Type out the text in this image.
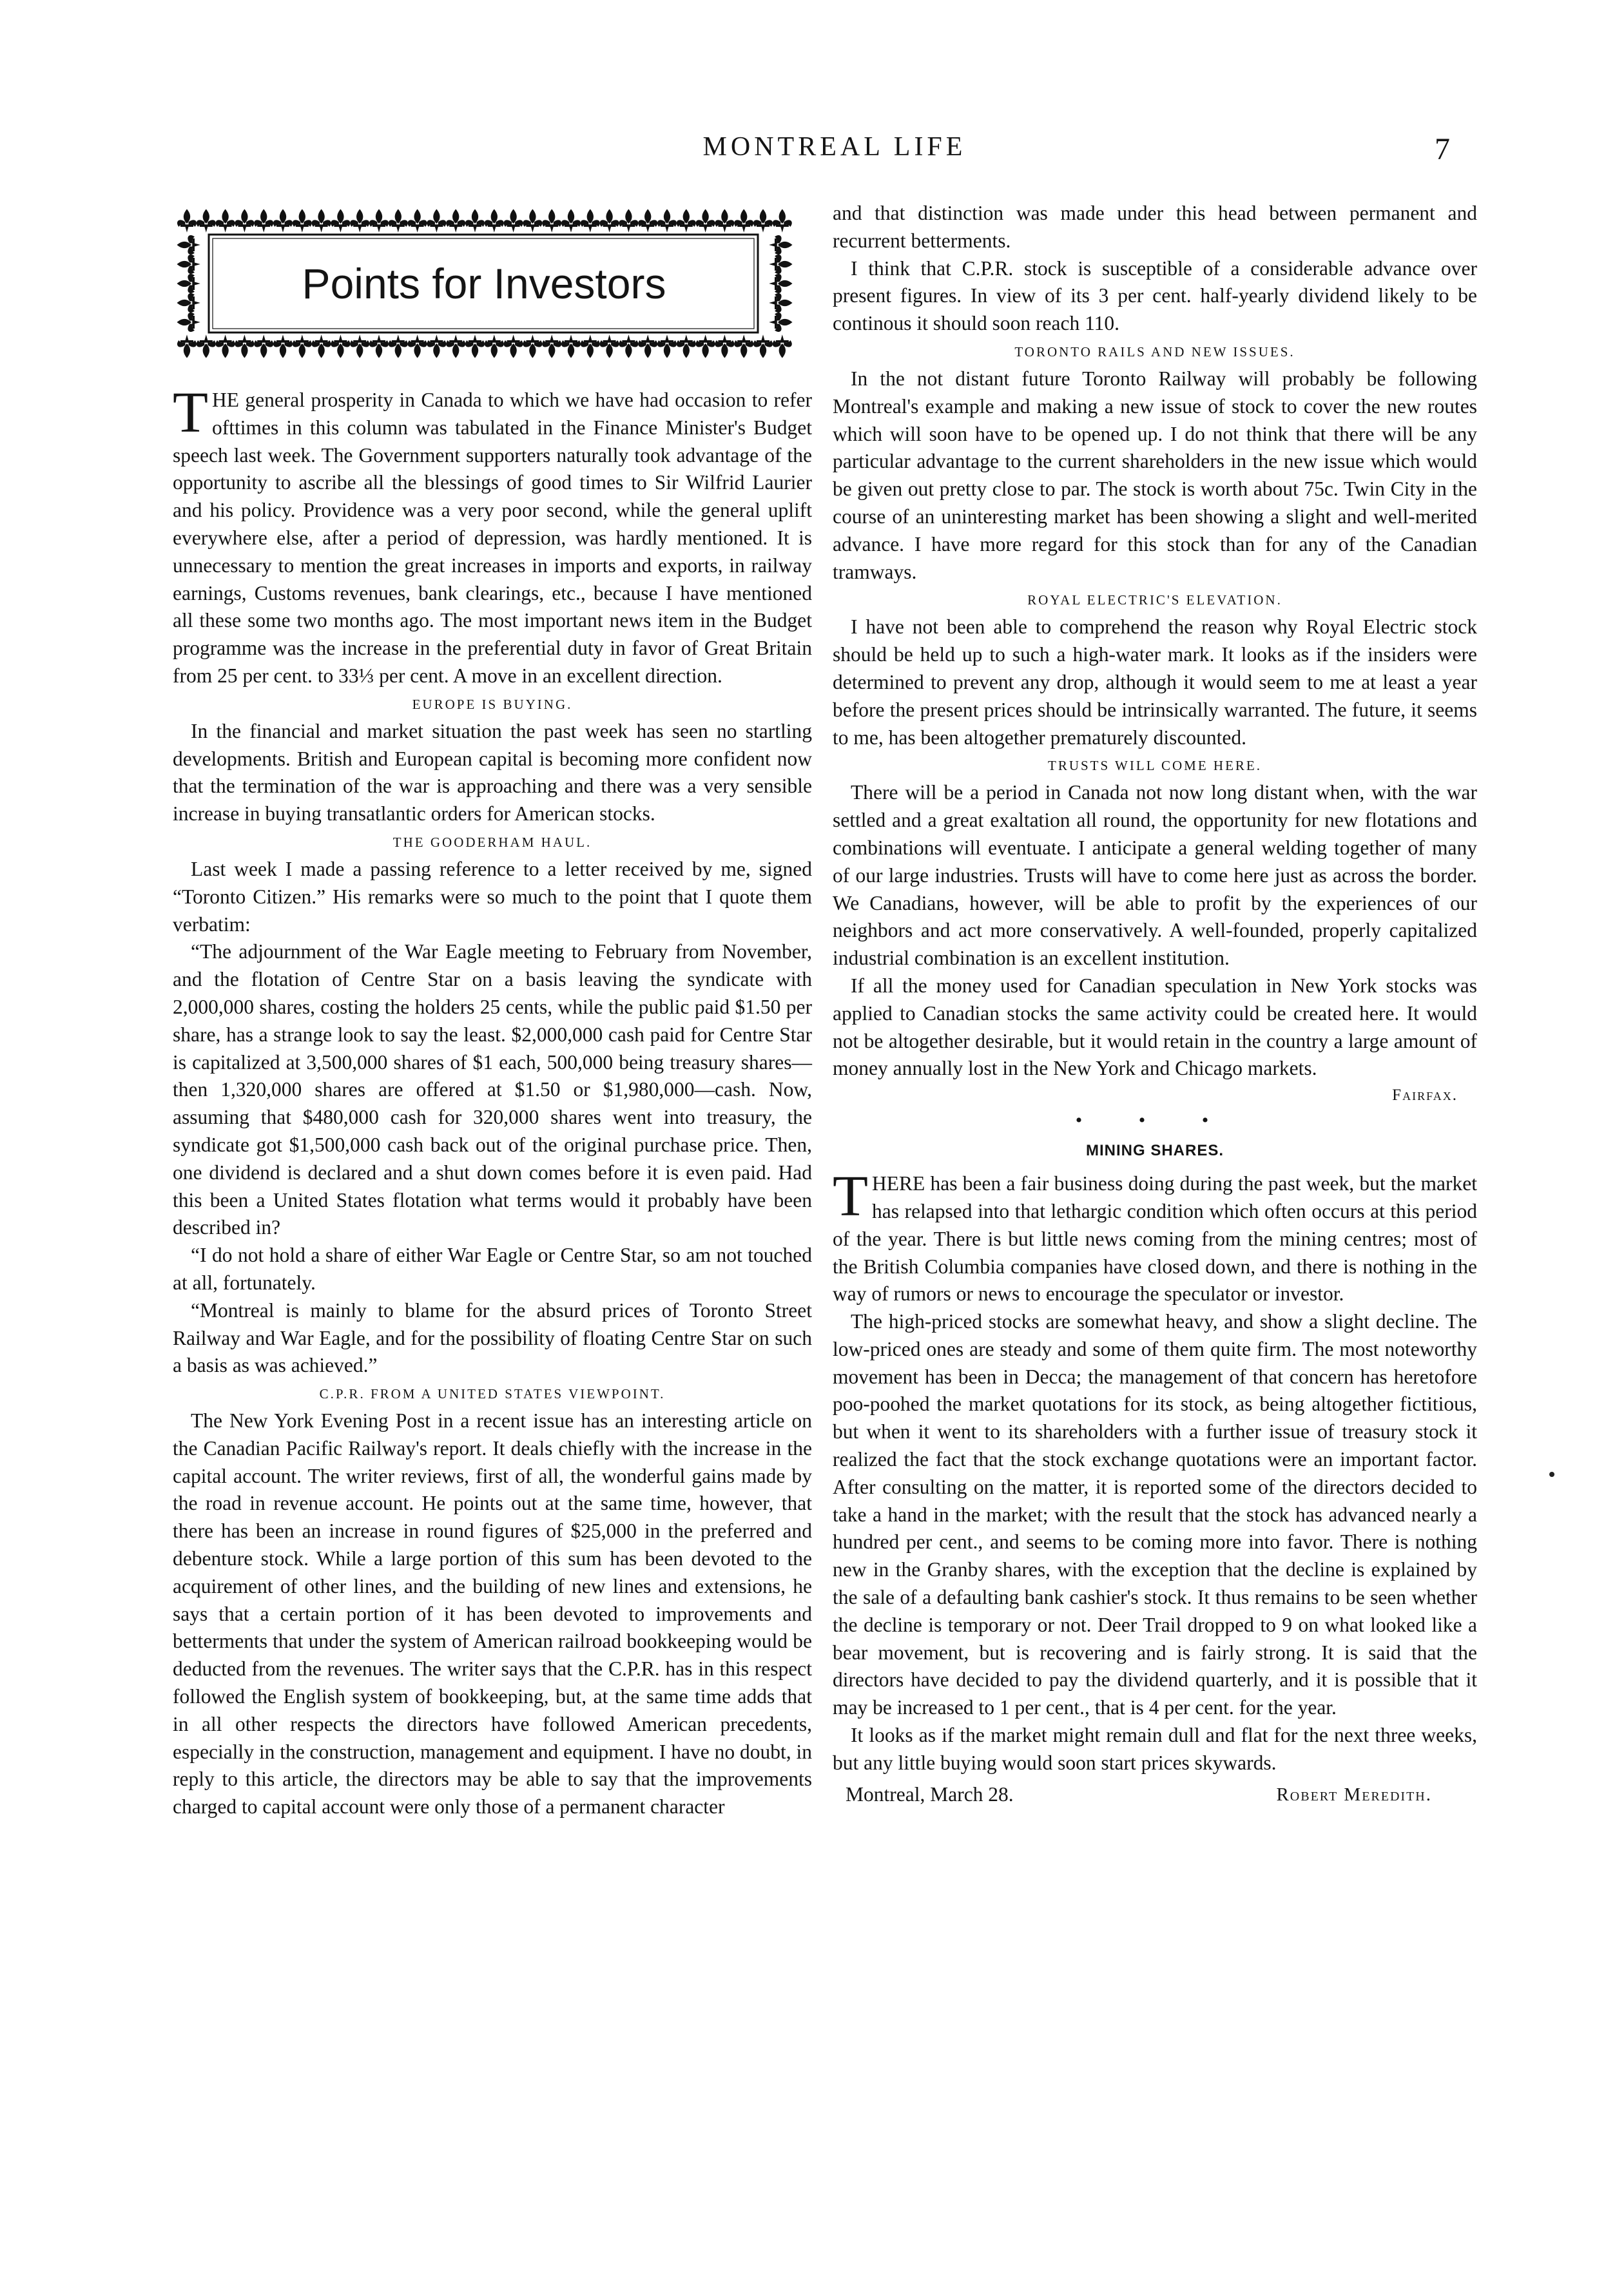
MONTREAL LIFE	7
Points for Investors

THE general prosperity in Canada to which we have had occasion to refer ofttimes in this column was tabulated in the Finance Minister's Budget speech last week. The Government supporters naturally took advantage of the opportunity to ascribe all the blessings of good times to Sir Wilfrid Laurier and his policy. Providence was a very poor second, while the general uplift everywhere else, after a period of depression, was hardly mentioned. It is unnecessary to mention the great increases in imports and exports, in railway earnings, Customs revenues, bank clearings, etc., because I have mentioned all these some two months ago. The most important news item in the Budget programme was the increase in the preferential duty in favor of Great Britain from 25 per cent. to 33⅓ per cent. A move in an excellent direction.

EUROPE IS BUYING.

In the financial and market situation the past week has seen no startling developments. British and European capital is becoming more confident now that the termination of the war is approaching and there was a very sensible increase in buying transatlantic orders for American stocks.

THE GOODERHAM HAUL.

Last week I made a passing reference to a letter received by me, signed “Toronto Citizen.” His remarks were so much to the point that I quote them verbatim:

“The adjournment of the War Eagle meeting to February from November, and the flotation of Centre Star on a basis leaving the syndicate with 2,000,000 shares, costing the holders 25 cents, while the public paid $1.50 per share, has a strange look to say the least. $2,000,000 cash paid for Centre Star is capitalized at 3,500,000 shares of $1 each, 500,000 being treasury shares—then 1,320,000 shares are offered at $1.50 or $1,980,000—cash. Now, assuming that $480,000 cash for 320,000 shares went into treasury, the syndicate got $1,500,000 cash back out of the original purchase price. Then, one dividend is declared and a shut down comes before it is even paid. Had this been a United States flotation what terms would it probably have been described in?

“I do not hold a share of either War Eagle or Centre Star, so am not touched at all, fortunately.

“Montreal is mainly to blame for the absurd prices of Toronto Street Railway and War Eagle, and for the possibility of floating Centre Star on such a basis as was achieved.”

C.P.R. FROM A UNITED STATES VIEWPOINT.

The New York Evening Post in a recent issue has an interesting article on the Canadian Pacific Railway's report. It deals chiefly with the increase in the capital account. The writer reviews, first of all, the wonderful gains made by the road in revenue account. He points out at the same time, however, that there has been an increase in round figures of $25,000 in the preferred and debenture stock. While a large portion of this sum has been devoted to the acquirement of other lines, and the building of new lines and extensions, he says that a certain portion of it has been devoted to improvements and betterments that under the system of American railroad bookkeeping would be deducted from the revenues. The writer says that the C.P.R. has in this respect followed the English system of bookkeeping, but, at the same time adds that in all other respects the directors have followed American precedents, especially in the construction, management and equipment. I have no doubt, in reply to this article, the directors may be able to say that the improvements charged to capital account were only those of a permanent character

and that distinction was made under this head between permanent and recurrent betterments.

I think that C.P.R. stock is susceptible of a considerable advance over present figures. In view of its 3 per cent. half-yearly dividend likely to be continous it should soon reach 110.

TORONTO RAILS AND NEW ISSUES.

In the not distant future Toronto Railway will probably be following Montreal's example and making a new issue of stock to cover the new routes which will soon have to be opened up. I do not think that there will be any particular advantage to the current shareholders in the new issue which would be given out pretty close to par. The stock is worth about 75c. Twin City in the course of an uninteresting market has been showing a slight and well-merited advance. I have more regard for this stock than for any of the Canadian tramways.

ROYAL ELECTRIC'S ELEVATION.

I have not been able to comprehend the reason why Royal Electric stock should be held up to such a high-water mark. It looks as if the insiders were determined to prevent any drop, although it would seem to me at least a year before the present prices should be intrinsically warranted. The future, it seems to me, has been altogether prematurely discounted.

TRUSTS WILL COME HERE.

There will be a period in Canada not now long distant when, with the war settled and a great exaltation all round, the opportunity for new flotations and combinations will eventuate. I anticipate a general welding together of many of our large industries. Trusts will have to come here just as across the border. We Canadians, however, will be able to profit by the experiences of our neighbors and act more conservatively. A well-founded, properly capitalized industrial combination is an excellent institution.

If all the money used for Canadian speculation in New York stocks was applied to Canadian stocks the same activity could be created here. It would not be altogether desirable, but it would retain in the country a large amount of money annually lost in the New York and Chicago markets.

Fairfax.
• • •
MINING SHARES.

THERE has been a fair business doing during the past week, but the market has relapsed into that lethargic condition which often occurs at this period of the year. There is but little news coming from the mining centres; most of the British Columbia companies have closed down, and there is nothing in the way of rumors or news to encourage the speculator or investor.

The high-priced stocks are somewhat heavy, and show a slight decline. The low-priced ones are steady and some of them quite firm. The most noteworthy movement has been in Decca; the management of that concern has heretofore poo-poohed the market quotations for its stock, as being altogether fictitious, but when it went to its shareholders with a further issue of treasury stock it realized the fact that the stock exchange quotations were an important factor. After consulting on the matter, it is reported some of the directors decided to take a hand in the market; with the result that the stock has advanced nearly a hundred per cent., and seems to be coming more into favor. There is nothing new in the Granby shares, with the exception that the decline is explained by the sale of a defaulting bank cashier's stock. It thus remains to be seen whether the decline is temporary or not. Deer Trail dropped to 9 on what looked like a bear movement, but is recovering and is fairly strong. It is said that the directors have decided to pay the dividend quarterly, and it is possible that it may be increased to 1 per cent., that is 4 per cent. for the year.

It looks as if the market might remain dull and flat for the next three weeks, but any little buying would soon start prices skywards.

Montreal, March 28.	Robert Meredith.
